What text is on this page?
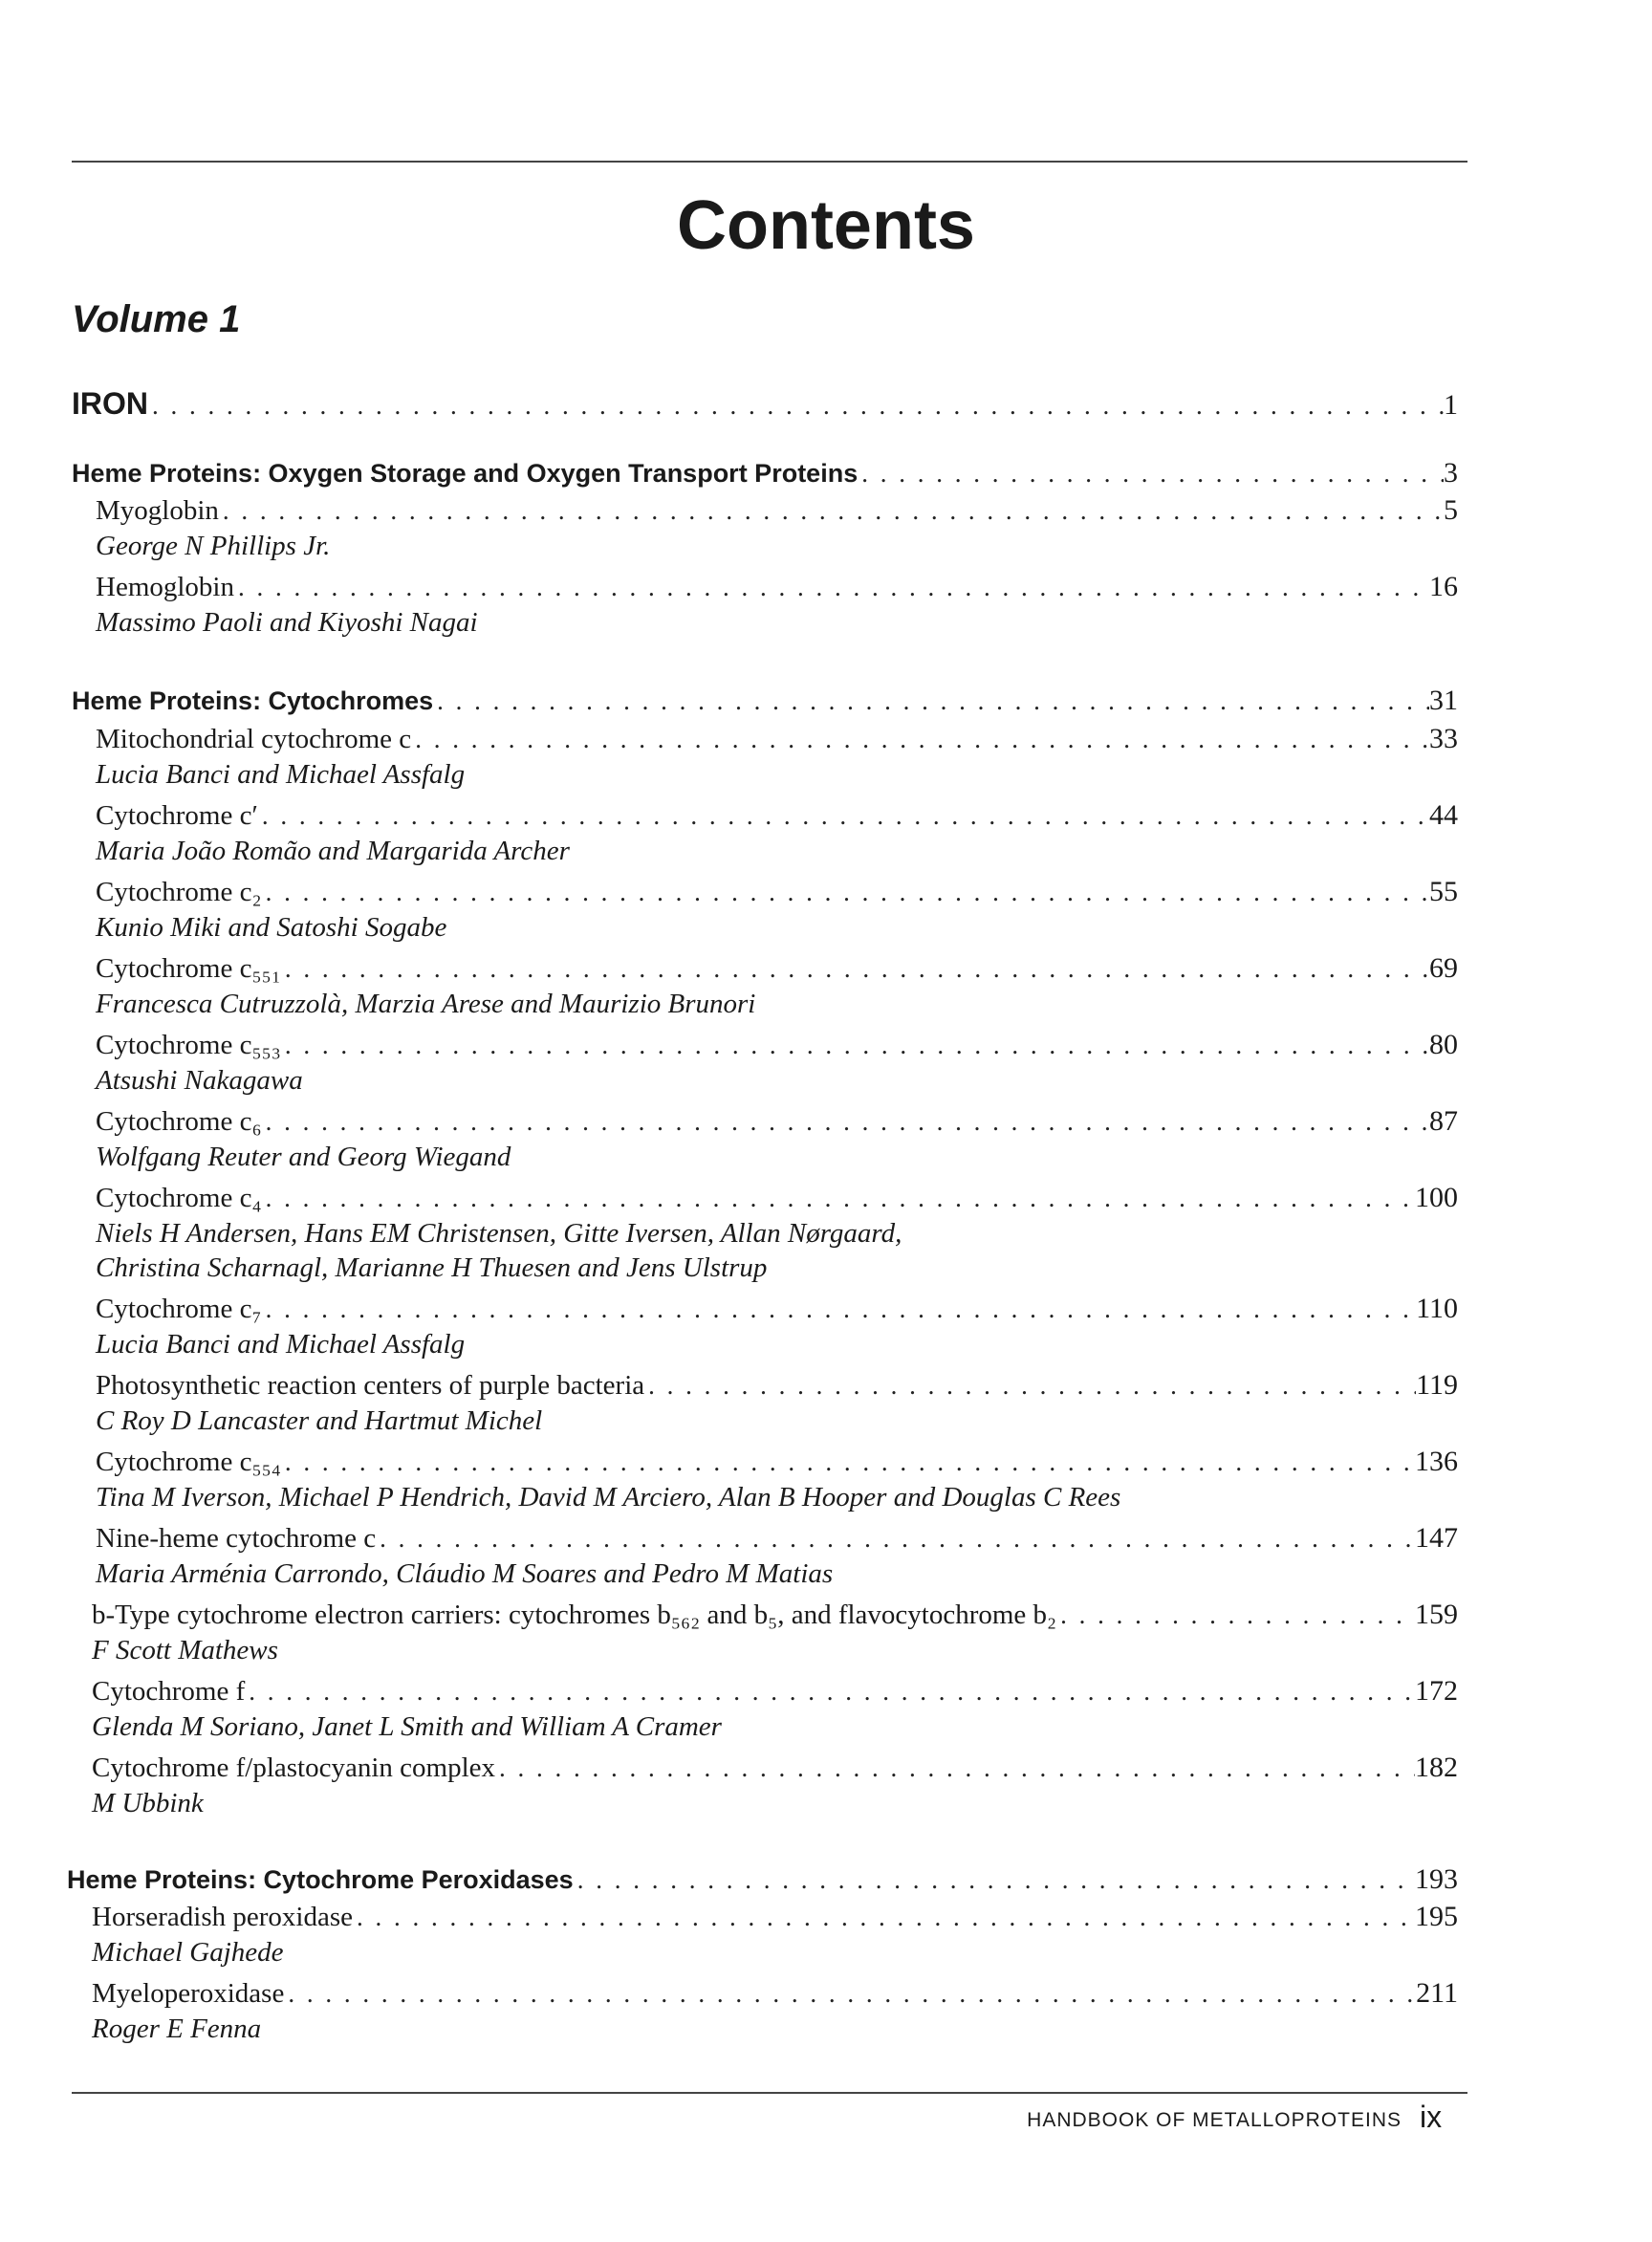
Contents
Volume 1
IRON . . .	1
Heme Proteins: Oxygen Storage and Oxygen Transport Proteins . . .	3
Myoglobin . . .	5

George N Phillips Jr.

Hemoglobin . . .	16

Massimo Paoli and Kiyoshi Nagai

Heme Proteins: Cytochromes . . .	31
Mitochondrial cytochrome c . . .	33

Lucia Banci and Michael Assfalg

Cytochrome c′ . . .	44

Maria João Romão and Margarida Archer

Cytochrome c₂ . . .	55

Kunio Miki and Satoshi Sogabe

Cytochrome c₅₅₁ . . .	69

Francesca Cutruzzolà, Marzia Arese and Maurizio Brunori

Cytochrome c₅₅₃ . . .	80

Atsushi Nakagawa

Cytochrome c₆ . . .	87

Wolfgang Reuter and Georg Wiegand

Cytochrome c₄ . . .	100

Niels H Andersen, Hans EM Christensen, Gitte Iversen, Allan Nørgaard,

Christina Scharnagl, Marianne H Thuesen and Jens Ulstrup

Cytochrome c₇ . . .	110

Lucia Banci and Michael Assfalg

Photosynthetic reaction centers of purple bacteria . . .	119

C Roy D Lancaster and Hartmut Michel

Cytochrome c₅₅₄ . . .	136

Tina M Iverson, Michael P Hendrich, David M Arciero, Alan B Hooper and Douglas C Rees

Nine-heme cytochrome c . . .	147

Maria Arménia Carrondo, Cláudio M Soares and Pedro M Matias

b-Type cytochrome electron carriers: cytochromes b₅₆₂ and b₅, and flavocytochrome b₂ . . .	159

F Scott Mathews

Cytochrome f . . .	172

Glenda M Soriano, Janet L Smith and William A Cramer

Cytochrome f/plastocyanin complex . . .	182

M Ubbink

Heme Proteins: Cytochrome Peroxidases . . .	193
Horseradish peroxidase . . .	195

Michael Gajhede

Myeloperoxidase . . .	211

Roger E Fenna

HANDBOOK OF METALLOPROTEINS ix
